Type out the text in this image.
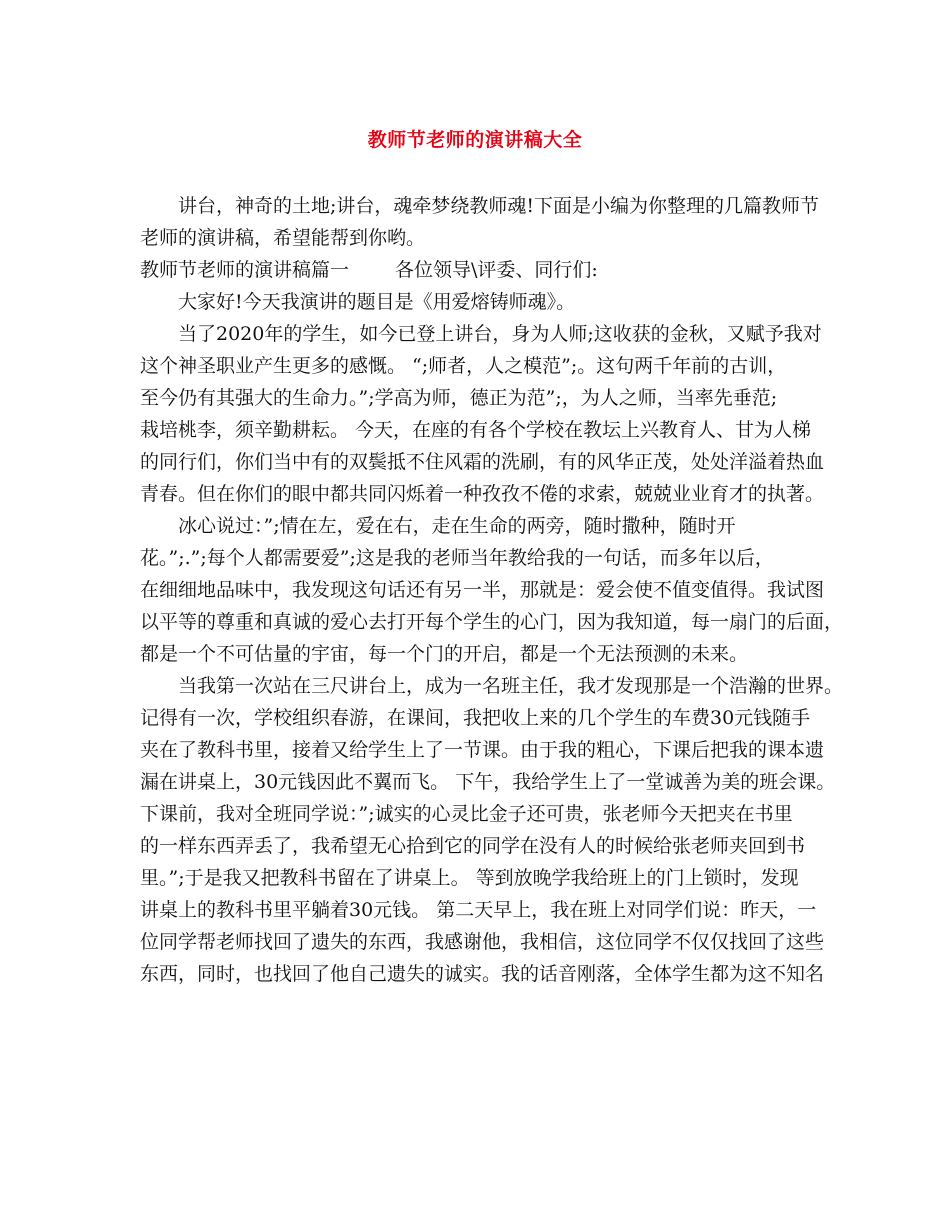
教师节老师的演讲稿大全

讲台，神奇的土地;讲台，魂牵梦绕教师魂!下面是小编为你整理的几篇教师节

老师的演讲稿，希望能帮到你哟。

教师节老师的演讲稿篇一 各位领导\评委、同行们:

大家好!今天我演讲的题目是《用爱熔铸师魂》。

当了2020年的学生，如今已登上讲台，身为人师;这收获的金秋，又赋予我对

这个神圣职业产生更多的感慨。 “;师者，人之模范”;。这句两千年前的古训，

至今仍有其强大的生命力。”;学高为师，德正为范”;，为人之师，当率先垂范;

栽培桃李，须辛勤耕耘。 今天，在座的有各个学校在教坛上兴教育人、甘为人梯

的同行们，你们当中有的双鬓抵不住风霜的洗刷，有的风华正茂，处处洋溢着热血

青春。但在你们的眼中都共同闪烁着一种孜孜不倦的求索，兢兢业业育才的执著。

冰心说过：”;情在左，爱在右，走在生命的两旁，随时撒种，随时开

花。”;.”;每个人都需要爱”;这是我的老师当年教给我的一句话，而多年以后，

在细细地品味中，我发现这句话还有另一半，那就是：爱会使不值变值得。我试图

以平等的尊重和真诚的爱心去打开每个学生的心门，因为我知道，每一扇门的后面，

都是一个不可估量的宇宙，每一个门的开启，都是一个无法预测的未来。

当我第一次站在三尺讲台上，成为一名班主任，我才发现那是一个浩瀚的世界。

记得有一次，学校组织春游，在课间，我把收上来的几个学生的车费30元钱随手

夹在了教科书里，接着又给学生上了一节课。由于我的粗心，下课后把我的课本遗

漏在讲桌上，30元钱因此不翼而飞。 下午，我给学生上了一堂诚善为美的班会课。

下课前，我对全班同学说：”;诚实的心灵比金子还可贵，张老师今天把夹在书里

的一样东西弄丢了，我希望无心拾到它的同学在没有人的时候给张老师夹回到书

里。”;于是我又把教科书留在了讲桌上。 等到放晚学我给班上的门上锁时，发现

讲桌上的教科书里平躺着30元钱。 第二天早上，我在班上对同学们说：昨天，一

位同学帮老师找回了遗失的东西，我感谢他，我相信，这位同学不仅仅找回了这些

东西，同时，也找回了他自己遗失的诚实。我的话音刚落，全体学生都为这不知名
